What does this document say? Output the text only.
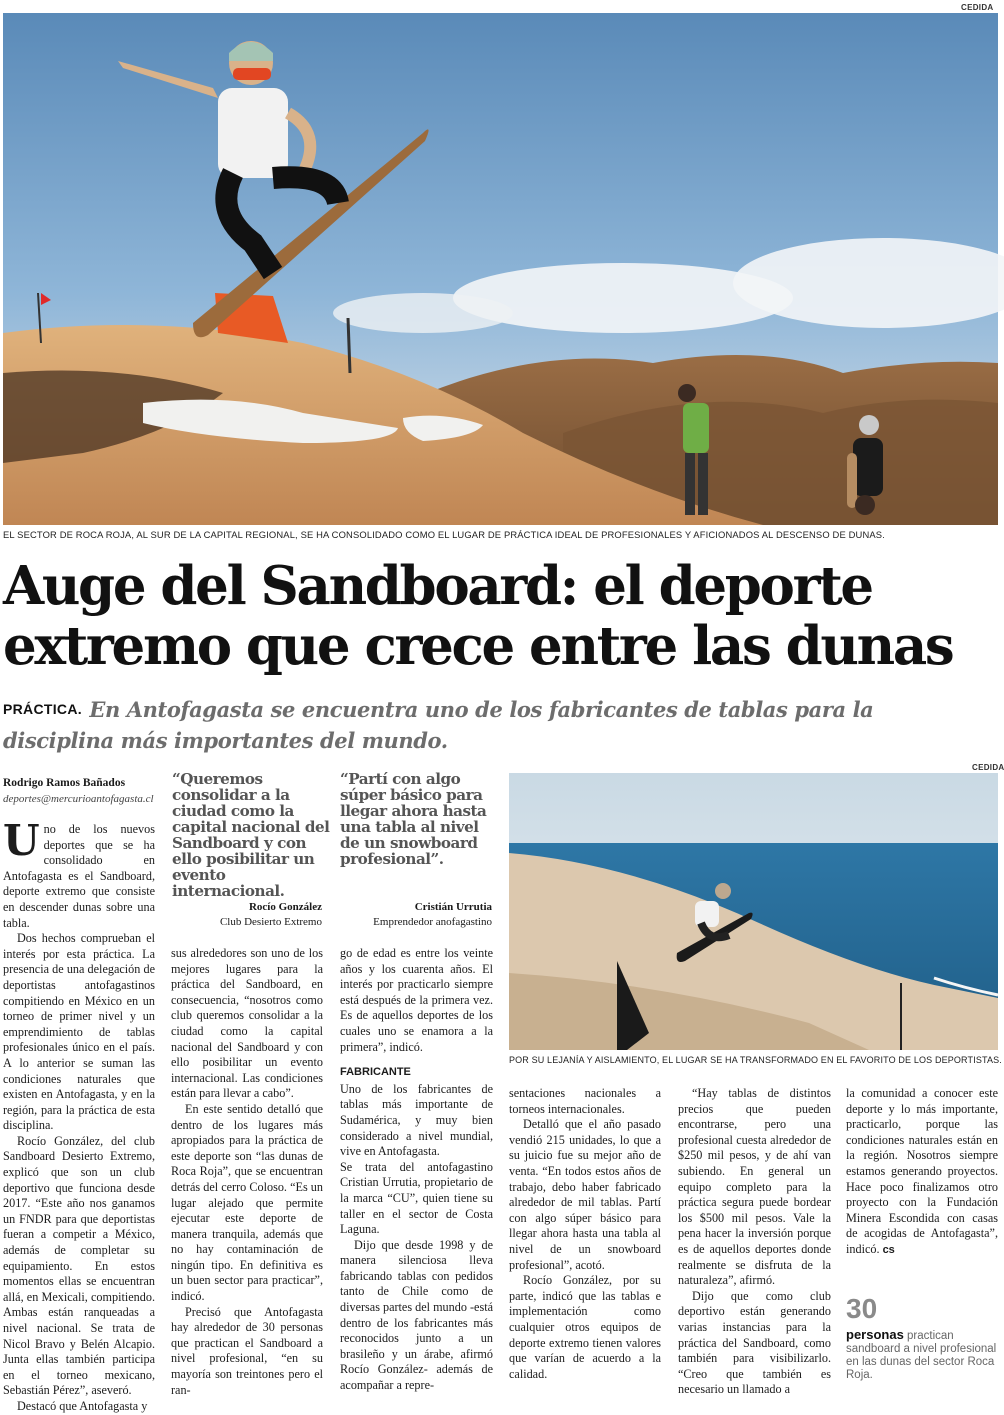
CEDIDA
EL SECTOR DE ROCA ROJA, AL SUR DE LA CAPITAL REGIONAL, SE HA CONSOLIDADO COMO EL LUGAR DE PRÁCTICA IDEAL DE PROFESIONALES Y AFICIONADOS AL DESCENSO DE DUNAS.
Auge del Sandboard: el deporte
extremo que crece entre las dunas
PRÁCTICA. En Antofagasta se encuentra uno de los fabricantes de tablas para la disciplina más importantes del mundo.
Rodrigo Ramos Bañados
deportes@mercurioantofagasta.cl
“Queremos consolidar a la ciudad como la capital nacional del Sandboard y con ello posibilitar un evento internacional.
Rocío González
Club Desierto Extremo
“Partí con algo súper básico para llegar ahora hasta una tabla al nivel de un snowboard profesional”.
Cristián Urrutia
Emprendedor anofagastino
CEDIDA
POR SU LEJANÍA Y AISLAMIENTO, EL LUGAR SE HA TRANSFORMADO EN EL FAVORITO DE LOS DEPORTISTAS.
U no de los nuevos deportes que se ha consolidado en Antofagasta es el Sandboard, deporte extremo que consiste en descender dunas sobre una tabla.

Dos hechos comprueban el interés por esta práctica. La presencia de una delegación de deportistas antofagastinos compitiendo en México en un torneo de primer nivel y un emprendimiento de tablas profesionales único en el país. A lo anterior se suman las condiciones naturales que existen en Antofagasta, y en la región, para la práctica de esta disciplina.

Rocío González, del club Sandboard Desierto Extremo, explicó que son un club deportivo que funciona desde 2017. “Este año nos ganamos un FNDR para que deportistas fueran a competir a México, además de completar su equipamiento. En estos momentos ellas se encuentran allá, en Mexicali, compitiendo. Ambas están ranqueadas a nivel nacional. Se trata de Nicol Bravo y Belén Alcapio. Junta ellas también participa en el torneo mexicano, Sebastián Pérez”, aseveró.

Destacó que Antofagasta y

sus alrededores son uno de los mejores lugares para la práctica del Sandboard, en consecuencia, “nosotros como club queremos consolidar a la ciudad como la capital nacional del Sandboard y con ello posibilitar un evento internacional. Las condiciones están para llevar a cabo”.

En este sentido detalló que dentro de los lugares más apropiados para la práctica de este deporte son “las dunas de Roca Roja”, que se encuentran detrás del cerro Coloso. “Es un lugar alejado que permite ejecutar este deporte de manera tranquila, además que no hay contaminación de ningún tipo. En definitiva es un buen sector para practicar”, indicó.

Precisó que Antofagasta hay alrededor de 30 personas que practican el Sandboard a nivel profesional, “en su mayoría son treintones pero el ran-

go de edad es entre los veinte años y los cuarenta años. El interés por practicarlo siempre está después de la primera vez. Es de aquellos deportes de los cuales uno se enamora a la primera”, indicó.

FABRICANTE

Uno de los fabricantes de tablas más importante de Sudamérica, y muy bien considerado a nivel mundial, vive en Antofagasta.

Se trata del antofagastino Cristian Urrutia, propietario de la marca “CU”, quien tiene su taller en el sector de Costa Laguna.

Dijo que desde 1998 y de manera silenciosa lleva fabricando tablas con pedidos tanto de Chile como de diversas partes del mundo -está dentro de los fabricantes más reconocidos junto a un brasileño y un árabe, afirmó Rocío González- además de acompañar a repre-

sentaciones nacionales a torneos internacionales.

Detalló que el año pasado vendió 215 unidades, lo que a su juicio fue su mejor año de venta. “En todos estos años de trabajo, debo haber fabricado alrededor de mil tablas. Partí con algo súper básico para llegar ahora hasta una tabla al nivel de un snowboard profesional”, acotó.

Rocío González, por su parte, indicó que las tablas e implementación como cualquier otros equipos de deporte extremo tienen valores que varían de acuerdo a la calidad.

“Hay tablas de distintos precios que pueden encontrarse, pero una profesional cuesta alrededor de $250 mil pesos, y de ahí van subiendo. En general un equipo completo para la práctica segura puede bordear los $500 mil pesos. Vale la pena hacer la inversión porque es de aquellos deportes donde realmente se disfruta de la naturaleza”, afirmó.

Dijo que como club deportivo están generando varias instancias para la práctica del Sandboard, como también para visibilizarlo. “Creo que también es necesario un llamado a

la comunidad a conocer este deporte y lo más importante, practicarlo, porque las condiciones naturales están en la región. Nosotros siempre estamos generando proyectos. Hace poco finalizamos otro proyecto con la Fundación Minera Escondida con casas de acogidas de Antofagasta”, indicó. cs

30
personas practican sandboard a nivel profesional en las dunas del sector Roca Roja.
